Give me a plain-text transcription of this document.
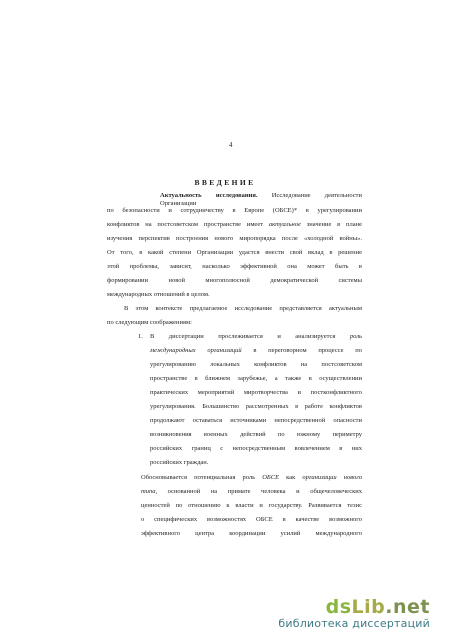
4
ВВЕДЕНИЕ
Актуальность исследования. Исследование деятельности Организации
по безопасности и сотрудничеству в Европе (ОБСЕ)* в урегулировании
конфликтов на постсоветском пространстве имеет актуальное значение в плане
изучения перспектив построения нового миропорядка после «холодной войны».
От того, в какой степени Организации удастся внести свой вклад в решение
этой проблемы, зависит, насколько эффективной она может быть в
формировании новой многополюсной демократической системы
международных отношений в целом.
В этом контексте предлагаемое исследование представляется актуальным
по следующим соображениям:
1. В диссертации прослеживается и анализируется роль
международных организаций в переговорном процессе по
урегулированию локальных конфликтов на постсоветском
пространстве в ближнем зарубежье, а также в осуществлении
практических мероприятий миротворчества и постконфликтного
урегулирования. Большинство рассмотренных в работе конфликтов
продолжают оставаться источниками непосредственной опасности
возникновения военных действий по южному периметру
российских границ с непосредственным вовлечением в них
российских граждан.
Обосновывается потенциальная роль ОБСЕ как организации нового
типа, основанной на примате человека и общечеловеческих
ценностей по отношению к власти и государству. Развивается тезис
о специфических возможностях ОБСЕ в качестве возможного
эффективного центра координации усилий международного
ds Lib .net
библиотека диссертаций
